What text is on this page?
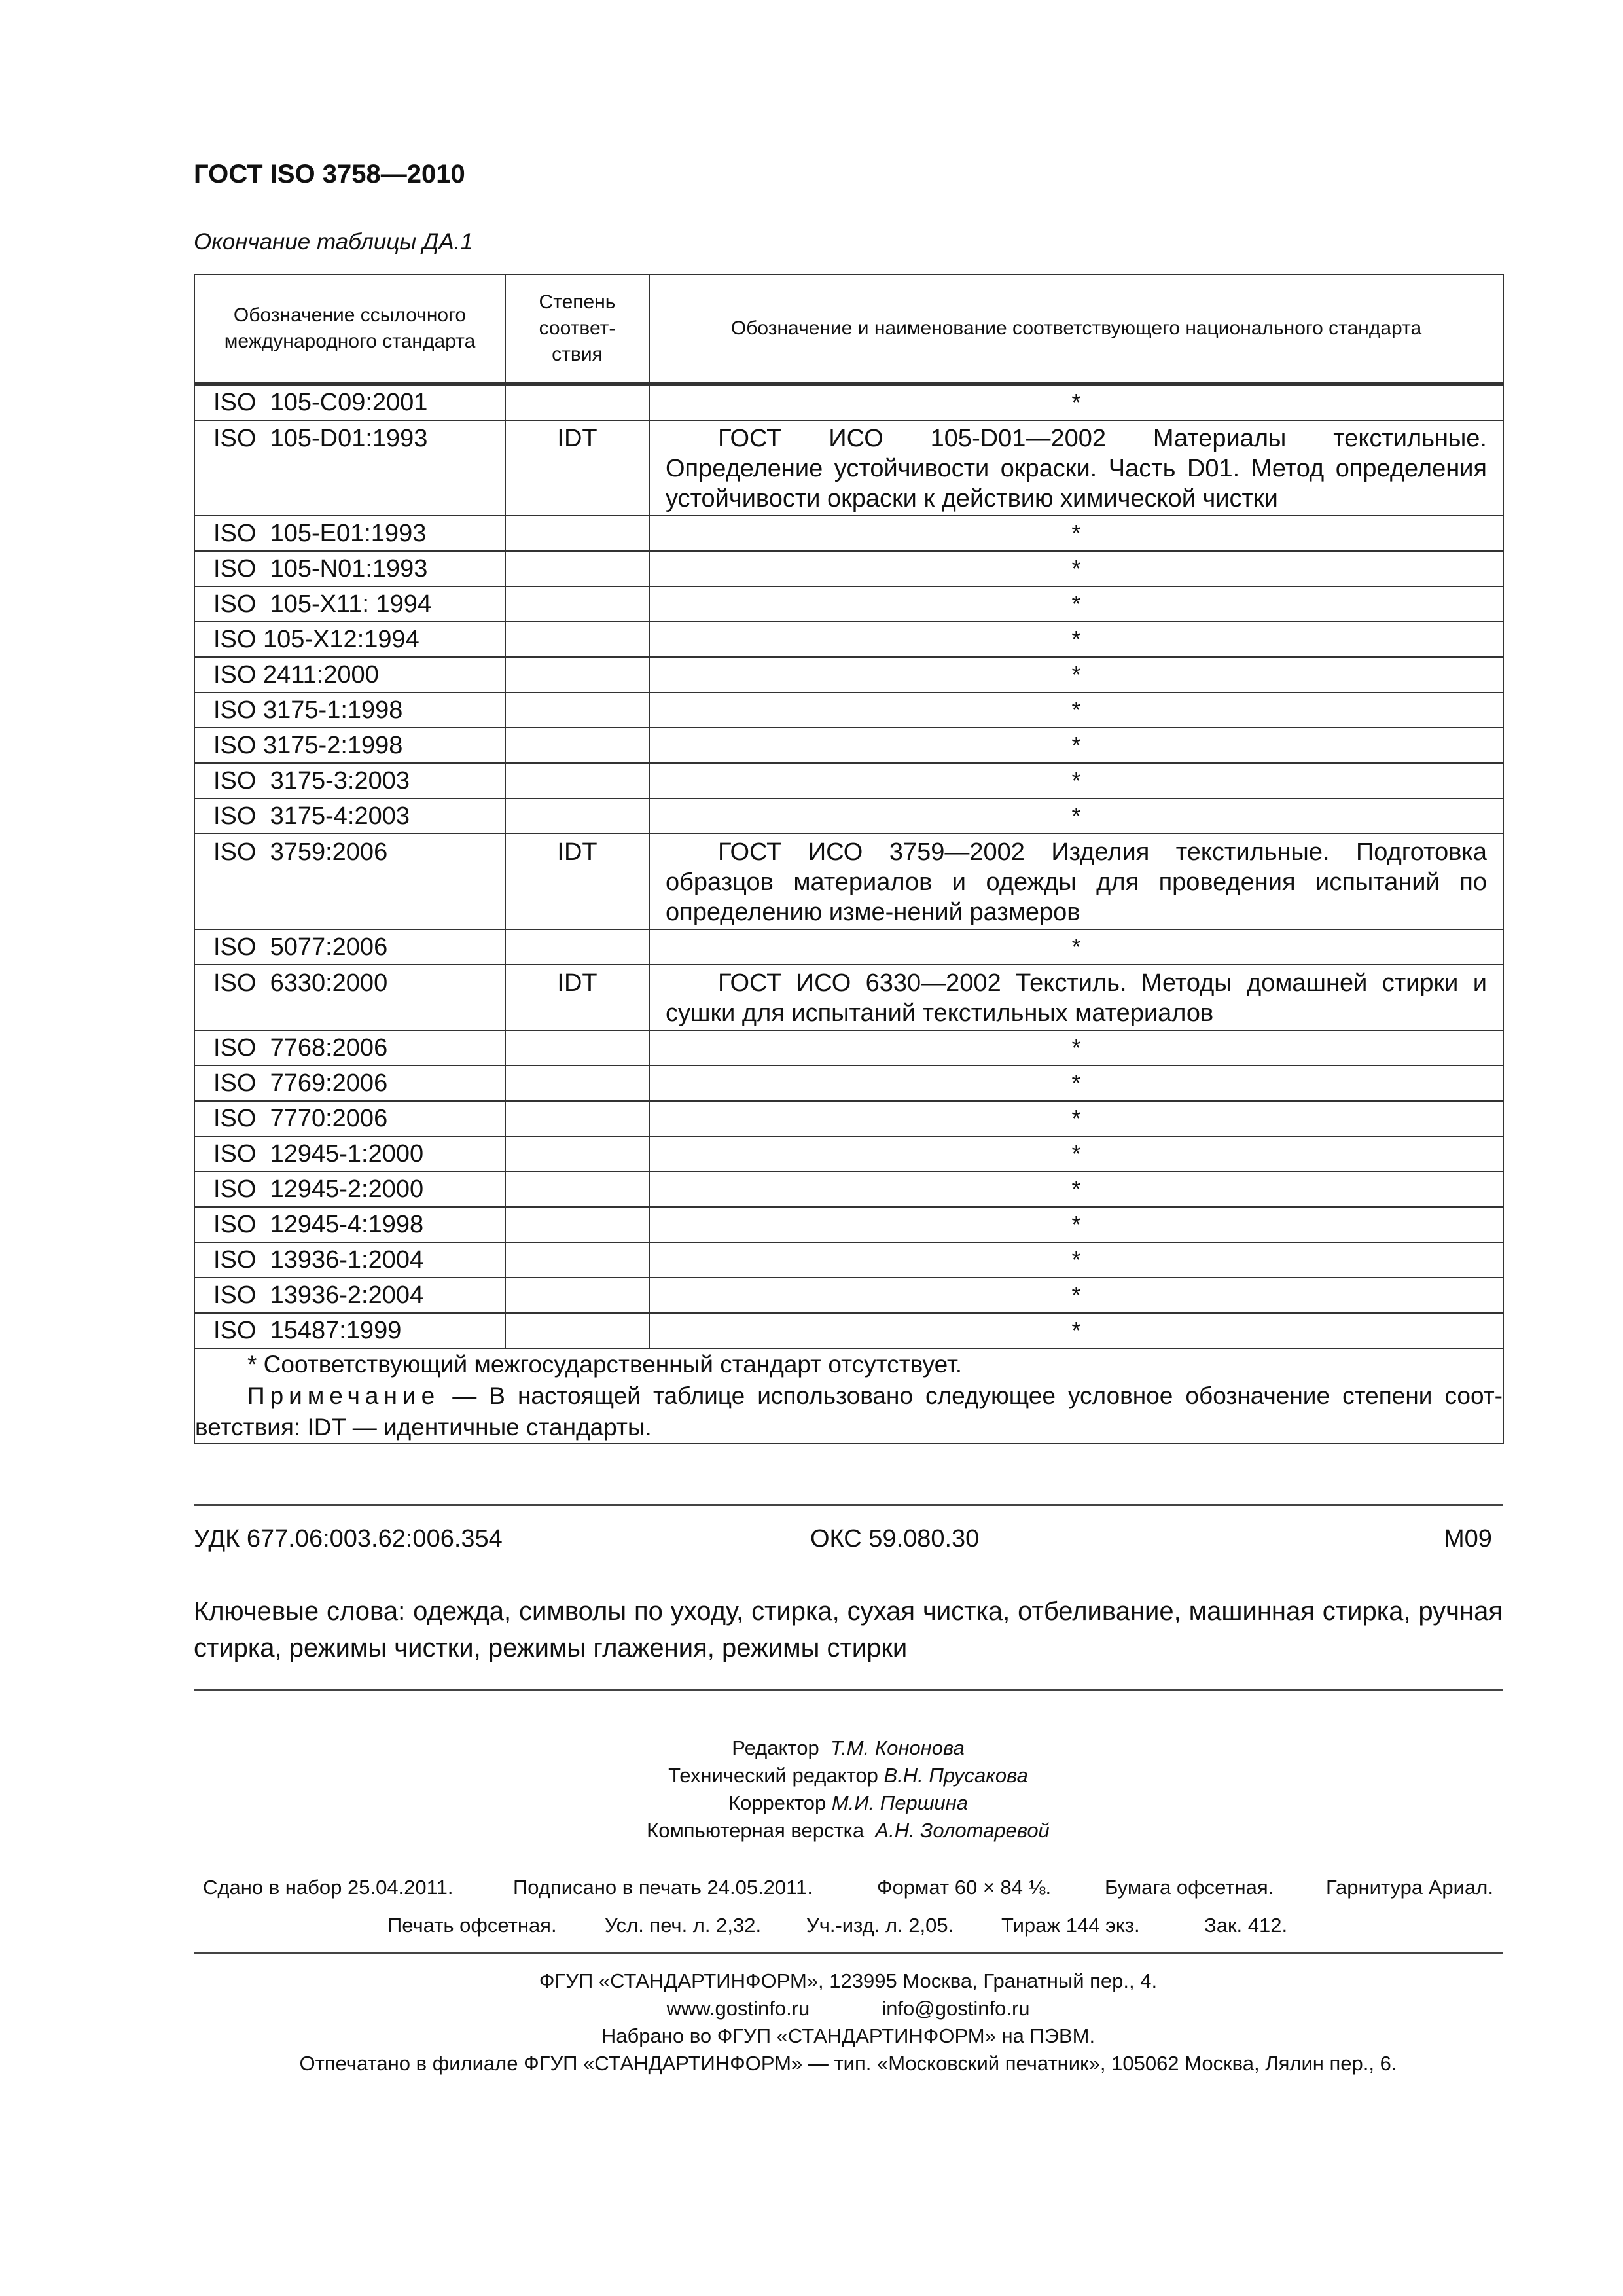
ГОСТ ISO 3758—2010
Окончание таблицы ДА.1
Обозначение ссылочного международного стандарта	Степень соответ-ствия	Обозначение и наименование соответствующего национального стандарта

ISO  105-C09:2001		*

ISO  105-D01:1993	IDT	ГОСТ ИСО 105-D01—2002 Материалы текстильные. Определение устойчивости окраски. Часть D01. Метод определения устойчивости окраски к действию химической чистки

ISO  105-E01:1993		*

ISO  105-N01:1993		*

ISO  105-X11: 1994		*

ISO 105-X12:1994		*

ISO 2411:2000		*

ISO 3175-1:1998		*

ISO 3175-2:1998		*

ISO  3175-3:2003		*

ISO  3175-4:2003		*

ISO  3759:2006	IDT	ГОСТ ИСО 3759—2002 Изделия текстильные. Подготовка образцов материалов и одежды для проведения испытаний по определению изме-нений размеров

ISO  5077:2006		*

ISO  6330:2000	IDT	ГОСТ ИСО 6330—2002 Текстиль. Методы домашней стирки и сушки для испытаний текстильных материалов

ISO  7768:2006		*

ISO  7769:2006		*

ISO  7770:2006		*

ISO  12945-1:2000		*

ISO  12945-2:2000		*

ISO  12945-4:1998		*

ISO  13936-1:2004		*

ISO  13936-2:2004		*

ISO  15487:1999		*

* Соответствующий межгосударственный стандарт отсутствует.

Примечание — В настоящей таблице использовано следующее условное обозначение степени соот-ветствия: IDT — идентичные стандарты.		

УДК 677.06:003.62:006.354	ОКС 59.080.30	М09
Ключевые слова: одежда, символы по уходу, стирка, сухая чистка, отбеливание, машинная стирка, ручная стирка, режимы чистки, режимы глажения, режимы стирки
Редактор Т.М. Кононова
Технический редактор В.Н. Прусакова
Корректор М.И. Першина
Компьютерная верстка А.Н. Золотаревой
Сдано в набор 25.04.2011.	Подписано в печать 24.05.2011.	Формат 60 × 84 ⅛.	Бумага офсетная.	Гарнитура Ариал.
Печать офсетная. Усл. печ. л. 2,32. Уч.-изд. л. 2,05. Тираж 144 экз.	Зак. 412.
ФГУП «СТАНДАРТИНФОРМ», 123995 Москва, Гранатный пер., 4.
www.gostinfo.ru	info@gostinfo.ru
Набрано во ФГУП «СТАНДАРТИНФОРМ» на ПЭВМ.
Отпечатано в филиале ФГУП «СТАНДАРТИНФОРМ» — тип. «Московский печатник», 105062 Москва, Лялин пер., 6.
